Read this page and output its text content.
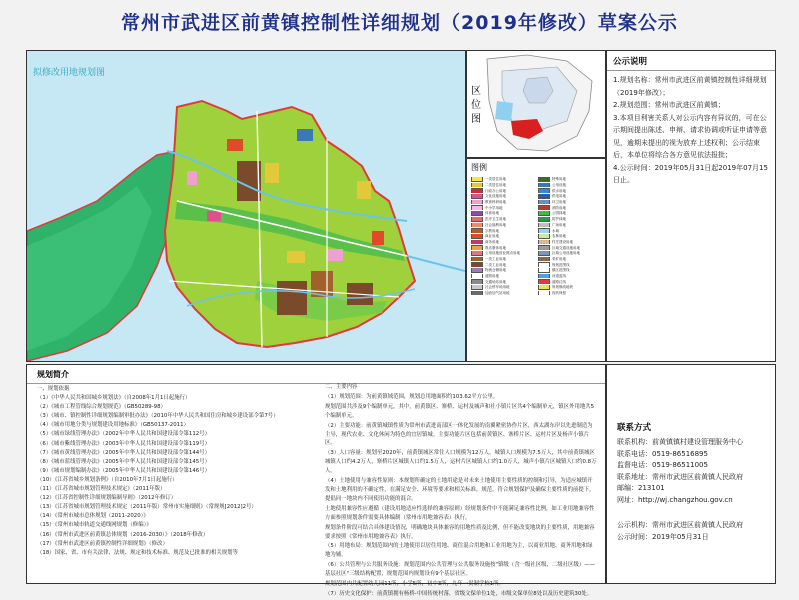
常州市武进区前黄镇控制性详细规划（2019年修改）草案公示
拟修改用地规划图
区位图
图例
一类居住用地	特殊用地
二类居住用地	公用设施
行政办公用地	供水用地
文化设施用地	供电用地
教育科研用地	环卫用地
中小学用地	消防用地
体育用地	公园绿地
医疗卫生用地	防护绿地
社会福利用地	广场用地
宗教用地	水域
商业用地	农林用地
商务用地	村庄建设用地
娱乐康体用地	区域交通设施用地
公用设施营业网点用地	区域公用设施用地
一类工业用地	采矿用地
二类工业用地	规划范围线
物流仓储用地	镇区范围线
道路用地	河道蓝线
交通场站用地	道路红线
社会停车场用地	规划修改地块
加油加气站用地	现状保留
公示说明

1.规划名称：常州市武进区前黄镇控制性详细规划（2019年修改）；

2.规划范围：常州市武进区前黄镇；

3.本项目利害关系人对公示内容有异议的，可在公示期间提出陈述、申辩、请求协调或听证申请等意见，逾期未提出的视为放弃上述权利；公示结束后，本单位将综合各方意见依法报批；

4.公示时间：2019年05月31日起2019年07月15日止。

规划简介

一、规划依据

（1）《中华人民共和国城乡规划法》（自2008年1月1日起施行）

（2）《城市工程管线综合规划规范》（GB50289-98）

（3）《城市、镇控制性详细规划编制审批办法》（2010年中华人民共和国住房和城乡建设部令第7号）

（4）《城市用地分类与规划建设用地标准》（GB50137-2011）

（5）《城市绿线管理办法》（2002年中华人民共和国建设部令第112号）

（6）《城市紫线管理办法》（2003年中华人民共和国建设部令第119号）

（7）《城市黄线管理办法》（2005年中华人民共和国建设部令第144号）

（8）《城市蓝线管理办法》（2005年中华人民共和国建设部令第145号）

（9）《城市规划编制办法》（2005年中华人民共和国建设部令第146号）

（10）《江苏省城乡规划条例》（自2010年7月1日起施行）

（11）《江苏省城市规划管理技术规定》（2011年版）

（12）《江苏省控制性详细规划编制导则》（2012年修订）

（13）《江苏省城市规划管理技术规定（2011年版）常州市实施细则》（常规规[2012]2号）

（14）《常州市城市总体规划（2011-2020）》

（15）《常州市城市轨道交通线网规划（修编）》

（16）《常州市武进区前黄镇总体规划（2016-2030）》（2018年修改）

（17）《常州市武进区前黄镇控制性详细规划》（修改）

（18）国家、省、市有关法律、法规、规定和技术标准、规范及已批准的相关规划等

二、主要内容

（1）规划范围：为前黄镇域范围，规划总用地面积约103.62平方公里。

规划范围共涉及9个编制单元，其中，前黄镇区、寨桥、运村及城声和社小镇片区共4个编制单元，镇区外用地共5个编制单元。

（2）主要功能：前黄镇城镇性质为常州市武进南部区一体化发展的南翼紧密协作片区，西太湖东岸以先进制造为主导，现代农业、文化休闲为特色的宜居镇城。主要功能片区包括前黄镇区、寨桥片区、运村片区及杨声小镇片区。

（3）人口容量：规划至2020年，前黄镇城区常住人口规模为12万人，城镇人口规模为7.5万人，其中前黄镇城区城镇人口约4.2万人，寨桥片区城镇人口约1.5万人，运村片区城镇人口约1.0万人，城声小镇片区城镇人口约0.8万人。

（4）土地使用与兼容性原则：本规划所确定的土地用途是对未来土地使用主要性质的控制和引导，为适应城镇开发和土地利用的不确定性，在满足安全、环境等要求和相关标准，规范，符合规划保护及确保主要性质的前提下，提倡同一地块内不同使用功能的混合。

土地使用兼容性应遵循（建设用地适应性选择的兼容原则）经规划条件中不能满足兼容性比例，如工业用地兼容性方面参照规划条件需要具体编制（常州市用地兼容表）执行。

规划条件阶段可结合具体建设情况，明确地块具体兼容的用地性质及比例，但不能改变地块的主要性质，用地兼容要求按照《常州市用地兼容表》执行。

（5）用地布局：规划范围内的土地使用以居住用地、商住混合用地和工业用地为主，以商业用地、商务用地和绿地为辅。

（6）公共管理与公共服务设施：规划范围内公共管理与公共服务设施按"镇级（含一级社区级、二级社区级）——基层社区"三级结构配置，规划范围内规划设有9个基层社区。

规划范围内共配置幼儿园11所，小学5所，初中3所，九年一贯制学校1所。

（7）历史文化保护：前黄镇拥有杨桥-中国传统村落，省级文保单位1处，市级文保单位8处以及历史建筑30处。

联系方式

联系机构：前黄镇镇村建设管理服务中心

联系电话：0519-86516895

监督电话：0519-86511005

联系地址：常州市武进区前黄镇人民政府

邮编：213101

网址：http://wj.changzhou.gov.cn

公示机构：常州市武进区前黄镇人民政府

公示时间：2019年05月31日
